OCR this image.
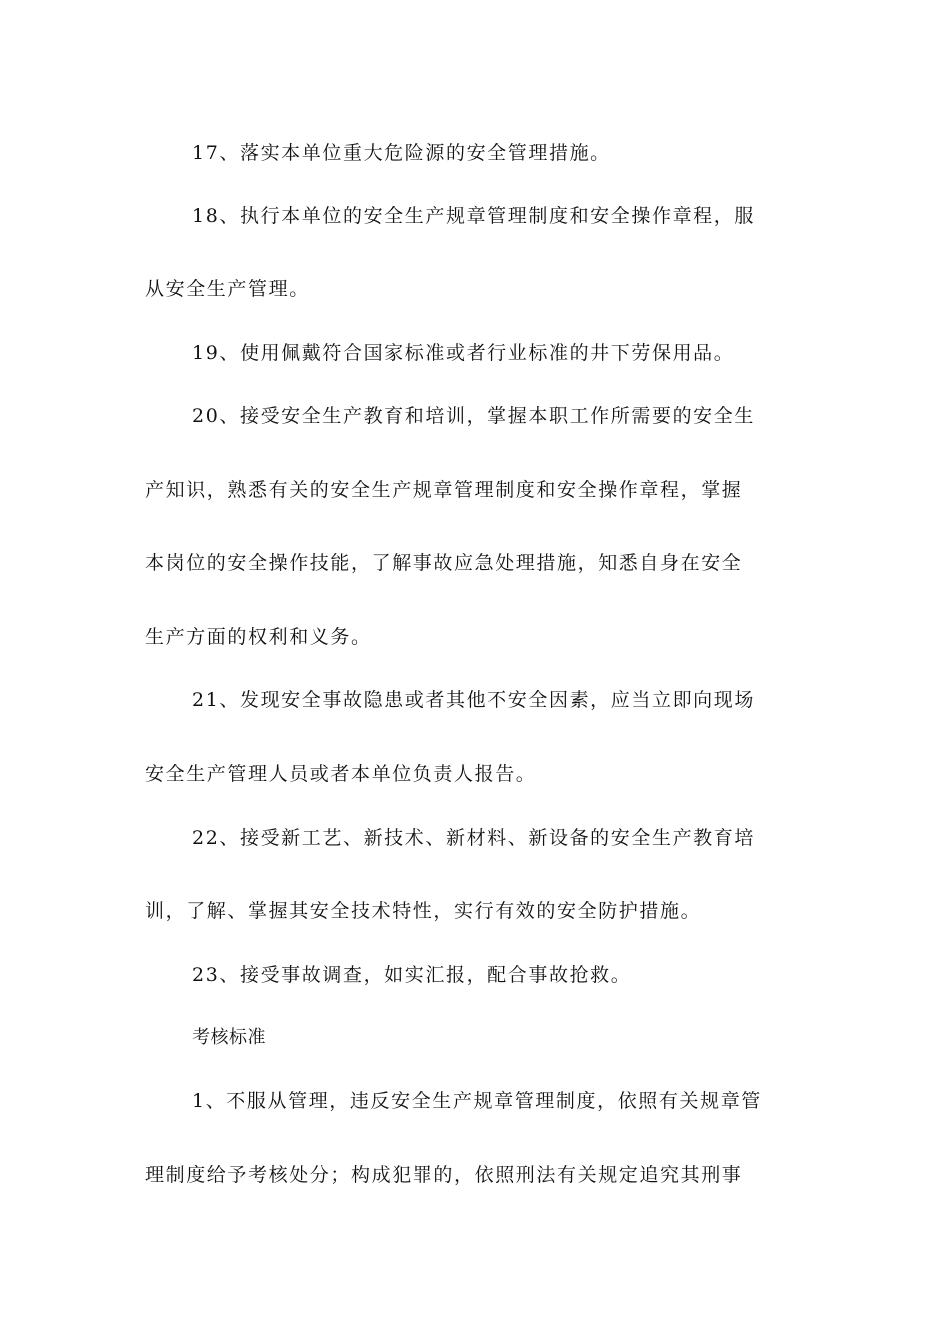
17、落实本单位重大危险源的安全管理措施。
18、执行本单位的安全生产规章管理制度和安全操作章程，服
从安全生产管理。
19、使用佩戴符合国家标准或者行业标准的井下劳保用品。
20、接受安全生产教育和培训，掌握本职工作所需要的安全生
产知识，熟悉有关的安全生产规章管理制度和安全操作章程，掌握
本岗位的安全操作技能，了解事故应急处理措施，知悉自身在安全
生产方面的权利和义务。
21、发现安全事故隐患或者其他不安全因素，应当立即向现场
安全生产管理人员或者本单位负责人报告。
22、接受新工艺、新技术、新材料、新设备的安全生产教育培
训，了解、掌握其安全技术特性，实行有效的安全防护措施。
23、接受事故调查，如实汇报，配合事故抢救。
考核标准
1、不服从管理，违反安全生产规章管理制度，依照有关规章管
理制度给予考核处分；构成犯罪的，依照刑法有关规定追究其刑事
